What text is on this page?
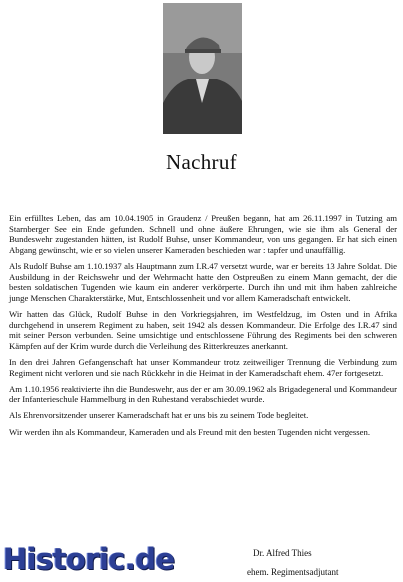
Nachruf

Ein erfülltes Leben, das am 10.04.1905 in Graudenz / Preußen begann, hat am 26.11.1997 in Tutzing am Starnberger See ein Ende gefunden. Schnell und ohne äußere Ehrungen, wie sie ihm als General der Bundeswehr zugestanden hätten, ist Rudolf Buhse, unser Kommandeur, von uns gegangen. Er hat sich einen Abgang gewünscht, wie er so vielen unserer Kameraden beschieden war : tapfer und unauffällig.

Als Rudolf Buhse am 1.10.1937 als Hauptmann zum I.R.47 versetzt wurde, war er bereits 13 Jahre Soldat. Die Ausbildung in der Reichswehr und der Wehrmacht hatte den Ostpreußen zu einem Mann gemacht, der die besten soldatischen Tugenden wie kaum ein anderer verkörperte. Durch ihn und mit ihm haben zahlreiche junge Menschen Charakterstärke, Mut, Entschlossenheit und vor allem Kameradschaft entwickelt.

Wir hatten das Glück, Rudolf Buhse in den Vorkriegsjahren, im Westfeldzug, im Osten und in Afrika durchgehend in unserem Regiment zu haben, seit 1942 als dessen Kommandeur. Die Erfolge des I.R.47 sind mit seiner Person verbunden. Seine umsichtige und entschlossene Führung des Regiments bei den schweren Kämpfen auf der Krim wurde durch die Verleihung des Ritterkreuzes anerkannt.

In den drei Jahren Gefangenschaft hat unser Kommandeur trotz zeitweiliger Trennung die Verbindung zum Regiment nicht verloren und sie nach Rückkehr in die Heimat in der Kameradschaft ehem. 47er fortgesetzt.

Am 1.10.1956 reaktivierte ihn die Bundeswehr, aus der er am 30.09.1962 als Brigadegeneral und Kommandeur der Infanterieschule Hammelburg in den Ruhestand verabschiedet wurde.

Als Ehrenvorsitzender unserer Kameradschaft hat er uns bis zu seinem Tode begleitet.

Wir werden ihn als Kommandeur, Kameraden und als Freund mit den besten Tugenden nicht vergessen.

Historic.de	Dr. Alfred Thies
ehem. Regimentsadjutant
